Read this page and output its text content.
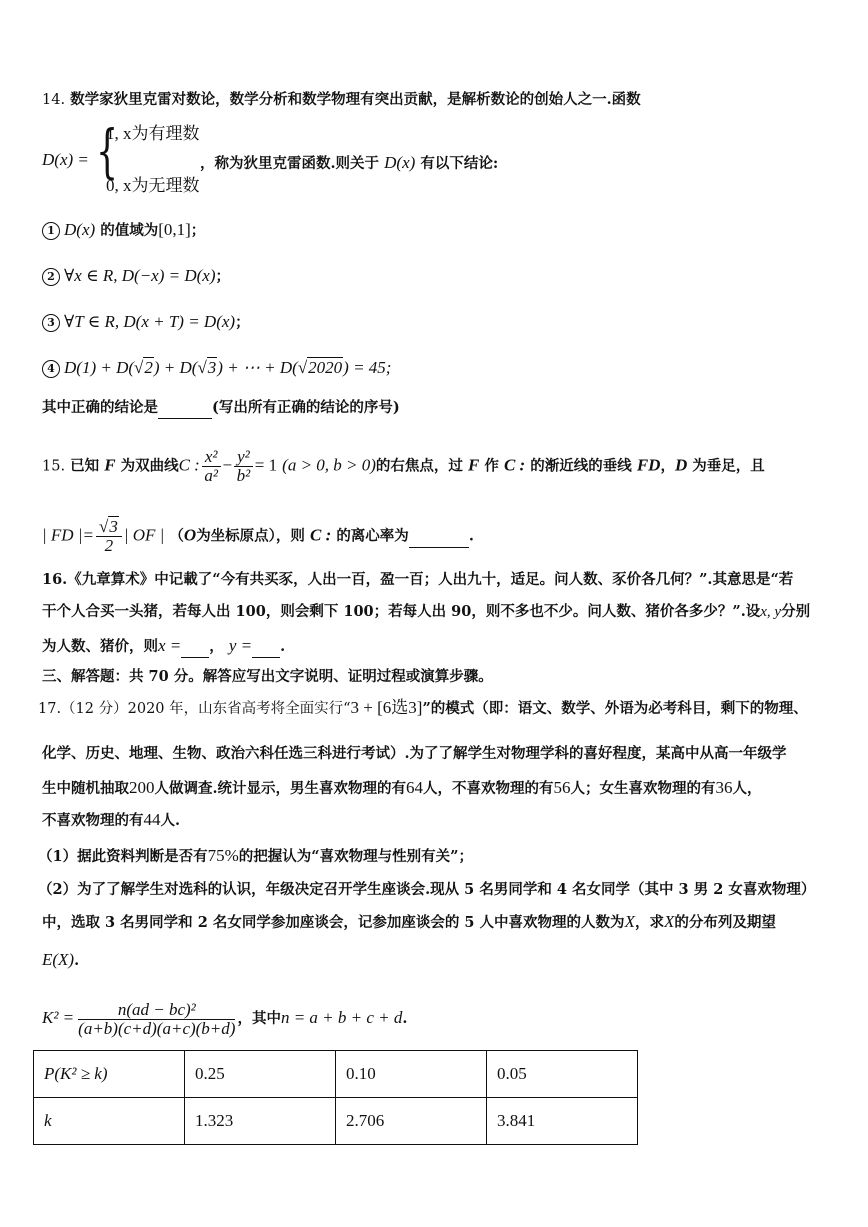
14. 数学家狄里克雷对数论，数学分析和数学物理有突出贡献，是解析数论的创始人之一.函数
D(x) = {
1, x为有理数
0, x为无理数
，称为狄里克雷函数.则关于 D(x) 有以下结论:
1 D(x) 的值域为[0,1]；
2 ∀x ∈ R, D(−x) = D(x)；
3 ∀T ∈ R, D(x + T) = D(x)；
4 D(1) + D(√2) + D(√3) + ⋯ + D(√2020) = 45;
其中正确的结论是	(写出所有正确的结论的序号)
15. 已知 F 为双曲线C : $\frac{\text{x²}}{\text{a²}} - \frac{\text{y²}}{\text{b²}} = 1$ (a > 0, b > 0)的右焦点，过 F 作 C : 的渐近线的垂线 FD，D 为垂足，且
| FD |= $\frac{√3}{2}$ | OF | （O为坐标原点），则 C : 的离心率为	.
16.《九章算术》中记載了“今有共买豕，人出一百，盈一百；人出九十，适足。问人数、豕价各几何？”.其意思是“若
干个人合买一头猪，若每人出 100，则会剩下 100；若每人出 90，则不多也不少。问人数、猪价各多少？”.设x, y分别
为人数、猪价，则x = ， y = .
三、解答题：共 70 分。解答应写出文字说明、证明过程或演算步骤。
17.（12 分）2020 年，山东省高考将全面实行“3 + [6选3]”的模式（即：语文、数学、外语为必考科目，剩下的物理、
化学、历史、地理、生物、政治六科任选三科进行考试）.为了了解学生对物理学科的喜好程度，某高中从高一年级学
生中随机抽取200人做调查.统计显示，男生喜欢物理的有64人，不喜欢物理的有56人；女生喜欢物理的有36人，
不喜欢物理的有44人.
（1）据此资料判断是否有75%的把握认为“喜欢物理与性别有关”；
（2）为了了解学生对选科的认识，年级决定召开学生座谈会.现从 5 名男同学和 4 名女同学（其中 3 男 2 女喜欢物理）
中，选取 3 名男同学和 2 名女同学参加座谈会，记参加座谈会的 5 人中喜欢物理的人数为X，求X的分布列及期望
E(X).
$K^2 = \frac{\text{n(ad − bc)²}}{(a+b)(c+d)(a+c)(b+d)}$ ，其中n = a + b + c + d.
P(K² ≥ k)	0.25	0.10	0.05
k	1.323	2.706	3.841
